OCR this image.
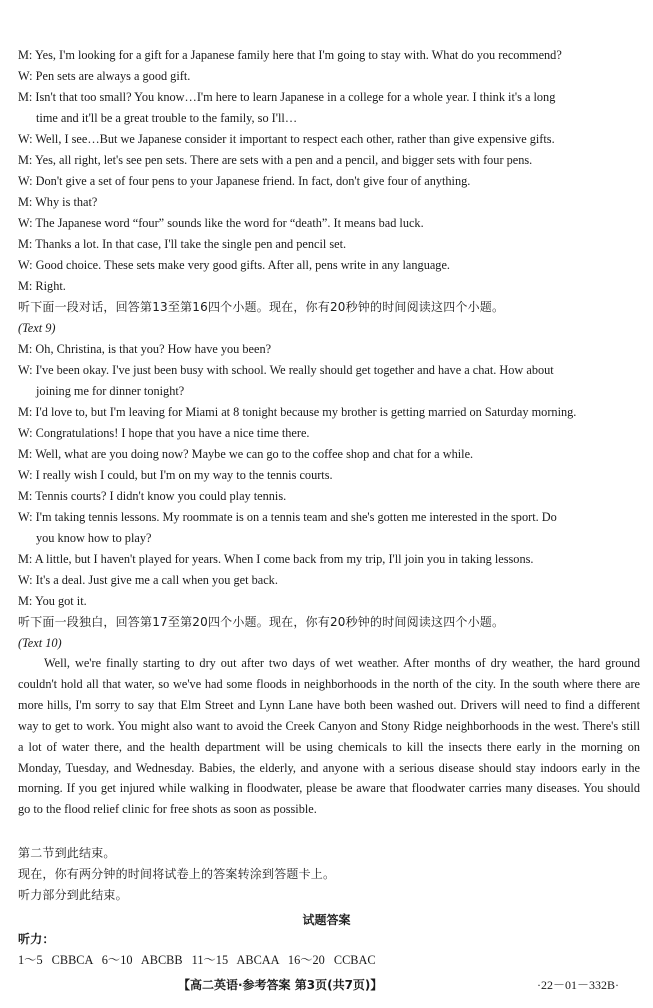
M: Yes, I'm looking for a gift for a Japanese family here that I'm going to stay with. What do you recommend?
W: Pen sets are always a good gift.
M: Isn't that too small? You know…I'm here to learn Japanese in a college for a whole year. I think it's a long
time and it'll be a great trouble to the family, so I'll…
W: Well, I see…But we Japanese consider it important to respect each other, rather than give expensive gifts.
M: Yes, all right, let's see pen sets. There are sets with a pen and a pencil, and bigger sets with four pens.
W: Don't give a set of four pens to your Japanese friend. In fact, don't give four of anything.
M: Why is that?
W: The Japanese word “four” sounds like the word for “death”. It means bad luck.
M: Thanks a lot. In that case, I'll take the single pen and pencil set.
W: Good choice. These sets make very good gifts. After all, pens write in any language.
M: Right.
听下面一段对话，回答第13至第16四个小题。现在，你有20秒钟的时间阅读这四个小题。
(Text 9)
M: Oh, Christina, is that you? How have you been?
W: I've been okay. I've just been busy with school. We really should get together and have a chat. How about
joining me for dinner tonight?
M: I'd love to, but I'm leaving for Miami at 8 tonight because my brother is getting married on Saturday morning.
W: Congratulations! I hope that you have a nice time there.
M: Well, what are you doing now? Maybe we can go to the coffee shop and chat for a while.
W: I really wish I could, but I'm on my way to the tennis courts.
M: Tennis courts? I didn't know you could play tennis.
W: I'm taking tennis lessons. My roommate is on a tennis team and she's gotten me interested in the sport. Do
you know how to play?
M: A little, but I haven't played for years. When I come back from my trip, I'll join you in taking lessons.
W: It's a deal. Just give me a call when you get back.
M: You got it.
听下面一段独白，回答第17至第20四个小题。现在，你有20秒钟的时间阅读这四个小题。
(Text 10)
Well, we're finally starting to dry out after two days of wet weather. After months of dry weather, the hard ground couldn't hold all that water, so we've had some floods in neighborhoods in the north of the city. In the south where there are more hills, I'm sorry to say that Elm Street and Lynn Lane have both been washed out. Drivers will need to find a different way to get to work. You might also want to avoid the Creek Canyon and Stony Ridge neighborhoods in the west. There's still a lot of water there, and the health department will be using chemicals to kill the insects there early in the morning on Monday, Tuesday, and Wednesday. Babies, the elderly, and anyone with a serious disease should stay indoors early in the morning. If you get injured while walking in floodwater, please be aware that floodwater carries many diseases. You should go to the flood relief clinic for free shots as soon as possible.
第二节到此结束。
现在，你有两分钟的时间将试卷上的答案转涂到答题卡上。
听力部分到此结束。
试题答案
听力：
1～5 CBBCA 6～10 ABCBB 11～15 ABCAA 16～20 CCBAC
【高二英语·参考答案 第3页(共7页)】	·22－01－332B·
